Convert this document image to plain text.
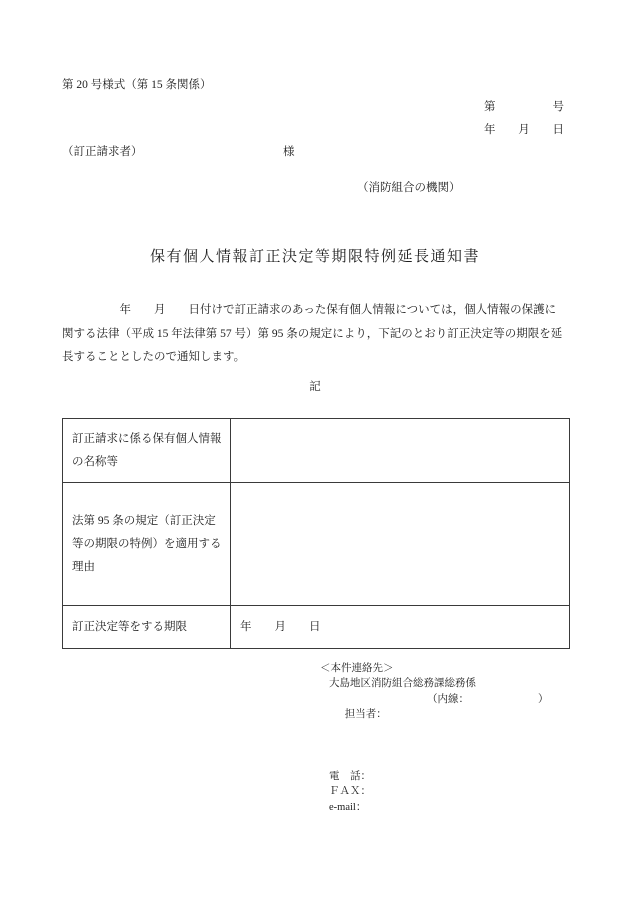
第 20 号様式（第 15 条関係）
第	号
年 月 日
（訂正請求者）	様
（消防組合の機関）
保有個人情報訂正決定等期限特例延長通知書
　　　　　年　　月　　日付けで訂正請求のあった保有個人情報については，個人情報の保護に
関する法律（平成 15 年法律第 57 号）第 95 条の規定により，下記のとおり訂正決定等の期限を延
長することとしたので通知します。
記
訂正請求に係る保有個人情報の名称等	
法第 95 条の規定（訂正決定等の期限の特例）を適用する理由	
訂正決定等をする期限	年　　月　　日
＜本件連絡先＞
大島地区消防組合総務課総務係

担当者：

（内線：

	）

電　話：
ＦＡＸ：
e-mail：
